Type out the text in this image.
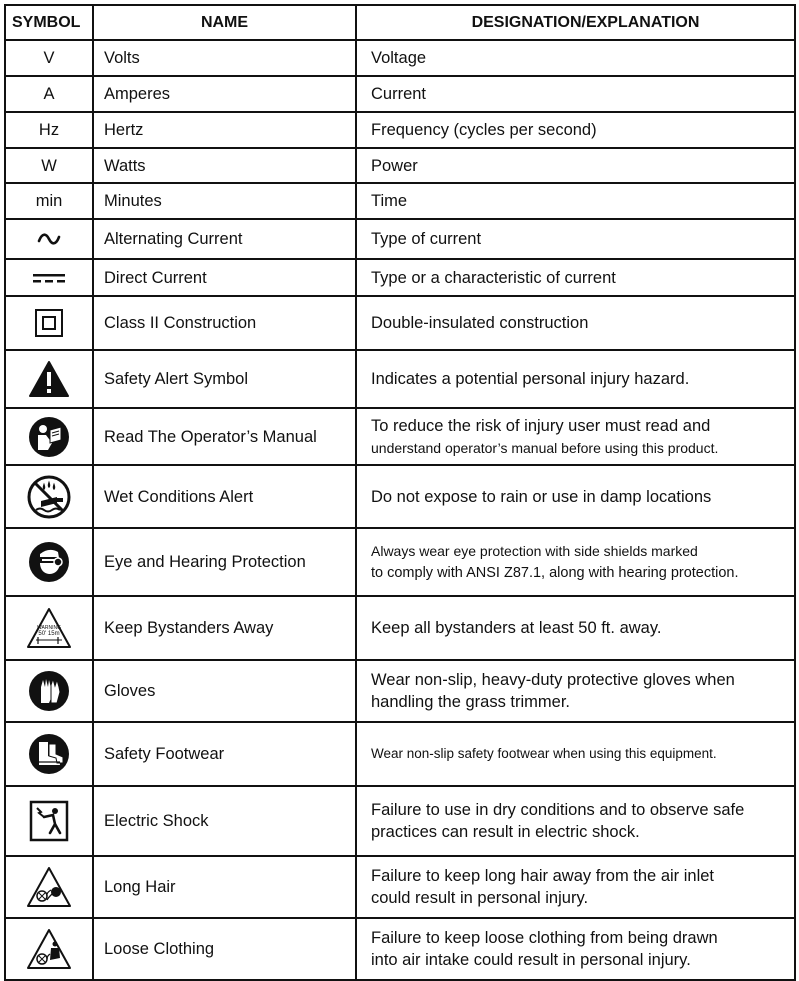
SYMBOL	NAME	DESIGNATION/EXPLANATION
V	Volts	Voltage

A	Amperes	Current

Hz	Hertz	Frequency (cycles per second)

W	Watts	Power

min	Minutes	Time

	Alternating Current	Type of current

	Direct Current	Type or a characteristic of current

	Class II Construction	Double-insulated construction

	Safety Alert Symbol	Indicates a potential personal injury hazard.

	Read The Operator’s Manual	To reduce the risk of injury user must read and
understand operator’s manual before using this product.

	Wet Conditions Alert	Do not expose to rain or use in damp locations

	Eye and Hearing Protection	Always wear eye protection with side shields marked
to comply with ANSI Z87.1, along with hearing protection.

WARNING
50' 15m	Keep Bystanders Away	Keep all bystanders at least 50 ft. away.

	Gloves	Wear non-slip, heavy-duty protective gloves when
handling the grass trimmer.

	Safety Footwear	Wear non-slip safety footwear when using this equipment.

	Electric Shock	Failure to use in dry conditions and to observe safe
practices can result in electric shock.

	Long Hair	Failure to keep long hair away from the air inlet
could result in personal injury.

	Loose Clothing	Failure to keep loose clothing from being drawn
into air intake could result in personal injury.
